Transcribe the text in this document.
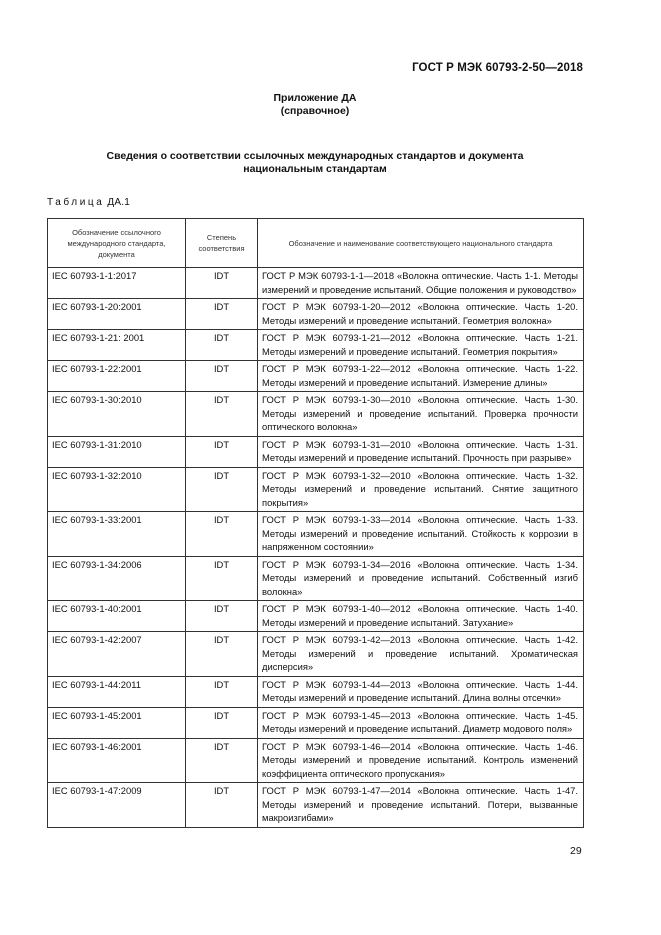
ГОСТ Р МЭК 60793-2-50—2018
Приложение ДА
(справочное)
Сведения о соответствии ссылочных международных стандартов и документа
национальным стандартам
Таблица ДА.1
Обозначение ссылочного международного стандарта, документа	Степень соответствия	Обозначение и наименование соответствующего национального стандарта
IEC 60793-1-1:2017	IDT	ГОСТ Р МЭК 60793-1-1—2018 «Волокна оптические. Часть 1-1. Методы измерений и проведение испытаний. Общие положения и руководство»
IEC 60793-1-20:2001	IDT	ГОСТ Р МЭК 60793-1-20—2012 «Волокна оптические. Часть 1-20. Методы измерений и проведение испытаний. Геометрия волокна»
IEC 60793-1-21: 2001	IDT	ГОСТ Р МЭК 60793-1-21—2012 «Волокна оптические. Часть 1-21. Методы измерений и проведение испытаний. Геометрия покрытия»
IEC 60793-1-22:2001	IDT	ГОСТ Р МЭК 60793-1-22—2012 «Волокна оптические. Часть 1-22. Методы измерений и проведение испытаний. Измерение длины»
IEC 60793-1-30:2010	IDT	ГОСТ Р МЭК 60793-1-30—2010 «Волокна оптические. Часть 1-30. Методы измерений и проведение испытаний. Проверка прочности оптического волокна»
IEC 60793-1-31:2010	IDT	ГОСТ Р МЭК 60793-1-31—2010 «Волокна оптические. Часть 1-31. Методы измерений и проведение испытаний. Прочность при разрыве»
IEC 60793-1-32:2010	IDT	ГОСТ Р МЭК 60793-1-32—2010 «Волокна оптические. Часть 1-32. Методы измерений и проведение испытаний. Снятие защитного покрытия»
IEC 60793-1-33:2001	IDT	ГОСТ Р МЭК 60793-1-33—2014 «Волокна оптические. Часть 1-33. Методы измерений и проведение испытаний. Стойкость к коррозии в напряженном состоянии»
IEC 60793-1-34:2006	IDT	ГОСТ Р МЭК 60793-1-34—2016 «Волокна оптические. Часть 1-34. Методы измерений и проведение испытаний. Собственный изгиб волокна»
IEC 60793-1-40:2001	IDT	ГОСТ Р МЭК 60793-1-40—2012 «Волокна оптические. Часть 1-40. Методы измерений и проведение испытаний. Затухание»
IEC 60793-1-42:2007	IDT	ГОСТ Р МЭК 60793-1-42—2013 «Волокна оптические. Часть 1-42. Методы измерений и проведение испытаний. Хроматическая дисперсия»
IEC 60793-1-44:2011	IDT	ГОСТ Р МЭК 60793-1-44—2013 «Волокна оптические. Часть 1-44. Методы измерений и проведение испытаний. Длина волны отсечки»
IEC 60793-1-45:2001	IDT	ГОСТ Р МЭК 60793-1-45—2013 «Волокна оптические. Часть 1-45. Методы измерений и проведение испытаний. Диаметр модового поля»
IEC 60793-1-46:2001	IDT	ГОСТ Р МЭК 60793-1-46—2014 «Волокна оптические. Часть 1-46. Методы измерений и проведение испытаний. Контроль изменений коэффициента оптического пропускания»
IEC 60793-1-47:2009	IDT	ГОСТ Р МЭК 60793-1-47—2014 «Волокна оптические. Часть 1-47. Методы измерений и проведение испытаний. Потери, вызванные макроизгибами»
29
